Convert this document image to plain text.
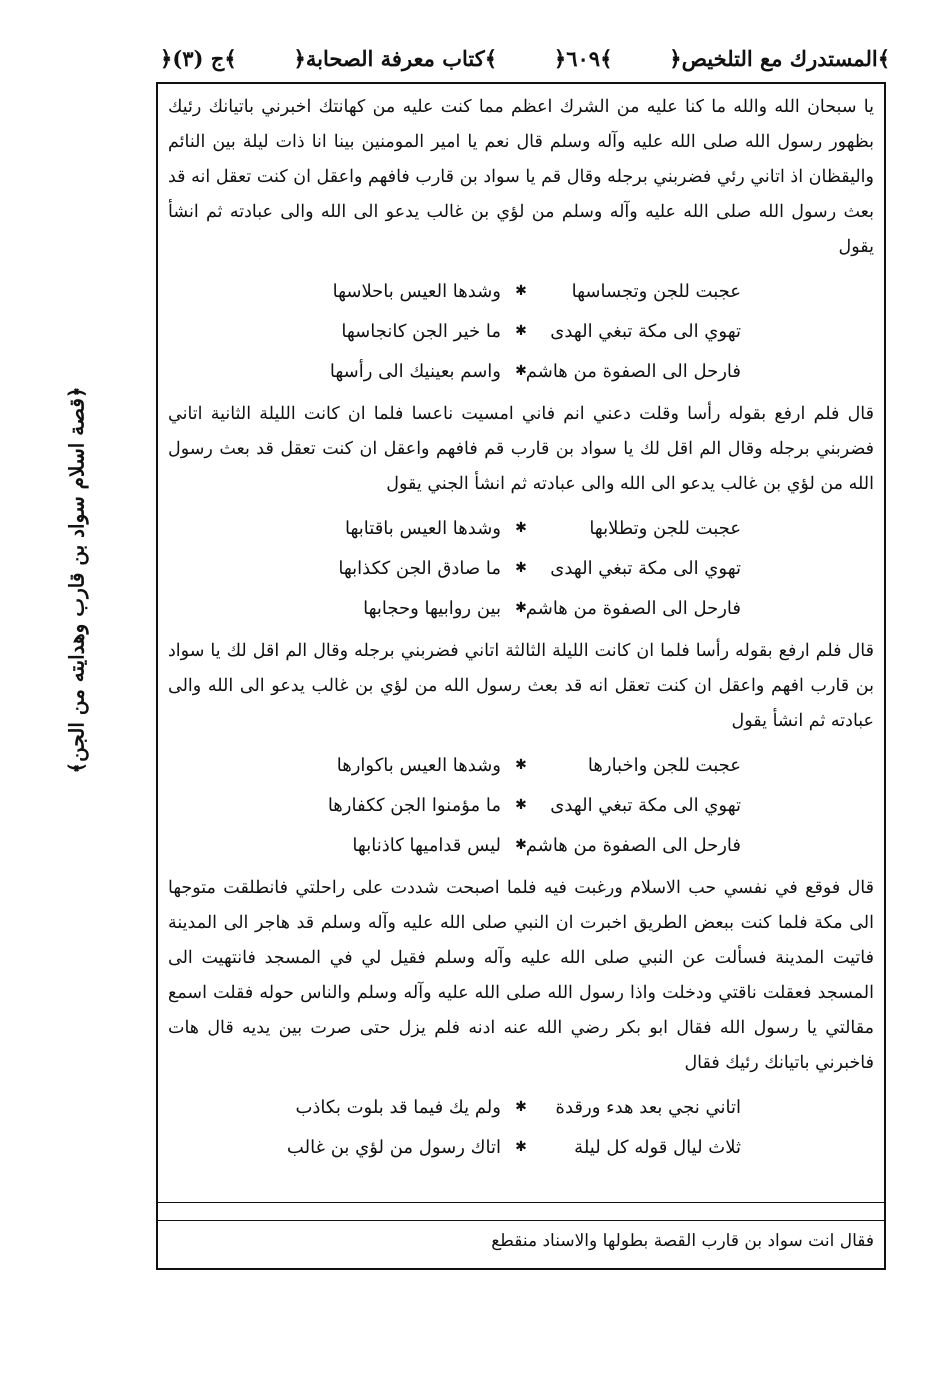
﴿المستدرك مع التلخيص﴾
﴿٦٠٩﴾
﴿كتاب معرفة الصحابة﴾
﴿ج (٣)﴾
﴿قصة اسلام سواد بن قارب وهدايته من الجن﴾

يا سبحان الله والله ما كنا عليه من الشرك اعظم مما كنت عليه من كهانتك اخبرني باتيانك رئيك بظهور رسول الله صلى الله عليه وآله وسلم قال نعم يا امير المومنين بينا انا ذات ليلة بين النائم واليقظان اذ اتاني رئي فضربني برجله وقال قم يا سواد بن قارب فافهم واعقل ان كنت تعقل انه قد بعث رسول الله صلى الله عليه وآله وسلم من لؤي بن غالب يدعو الى الله والى عبادته ثم انشأ يقول

عجبت للجن وتجساسها
✱
وشدها العيس باحلاسها
تهوي الى مكة تبغي الهدى
✱
ما خير الجن كانجاسها
فارحل الى الصفوة من هاشم
✱
واسم بعينيك الى رأسها

قال فلم ارفع بقوله رأسا وقلت دعني انم فاني امسيت ناعسا فلما ان كانت الليلة الثانية اتاني فضربني برجله وقال الم اقل لك يا سواد بن قارب قم فافهم واعقل ان كنت تعقل قد بعث رسول الله من لؤي بن غالب يدعو الى الله والى عبادته ثم انشأ الجني يقول

عجبت للجن وتطلابها
✱
وشدها العيس باقتابها
تهوي الى مكة تبغي الهدى
✱
ما صادق الجن ككذابها
فارحل الى الصفوة من هاشم
✱
بين روابيها وحجابها

قال فلم ارفع بقوله رأسا فلما ان كانت الليلة الثالثة اتاني فضربني برجله وقال الم اقل لك يا سواد بن قارب افهم واعقل ان كنت تعقل انه قد بعث رسول الله من لؤي بن غالب يدعو الى الله والى عبادته ثم انشأ يقول

عجبت للجن واخبارها
✱
وشدها العيس باكوارها
تهوي الى مكة تبغي الهدى
✱
ما مؤمنوا الجن ككفارها
فارحل الى الصفوة من هاشم
✱
ليس قداميها كاذنابها

قال فوقع في نفسي حب الاسلام ورغبت فيه فلما اصبحت شددت على راحلتي فانطلقت متوجها الى مكة فلما كنت ببعض الطريق اخبرت ان النبي صلى الله عليه وآله وسلم قد هاجر الى المدينة فاتيت المدينة فسألت عن النبي صلى الله عليه وآله وسلم فقيل لي في المسجد فانتهيت الى المسجد فعقلت ناقتي ودخلت واذا رسول الله صلى الله عليه وآله وسلم والناس حوله فقلت اسمع مقالتي يا رسول الله فقال ابو بكر رضي الله عنه ادنه فلم يزل حتى صرت بين يديه قال هات فاخبرني باتيانك رئيك فقال

اتاني نجي بعد هدء ورقدة
✱
ولم يك فيما قد بلوت بكاذب
ثلاث ليال قوله كل ليلة
✱
اتاك رسول من لؤي بن غالب
فقال انت سواد بن قارب القصة بطولها والاسناد منقطع
